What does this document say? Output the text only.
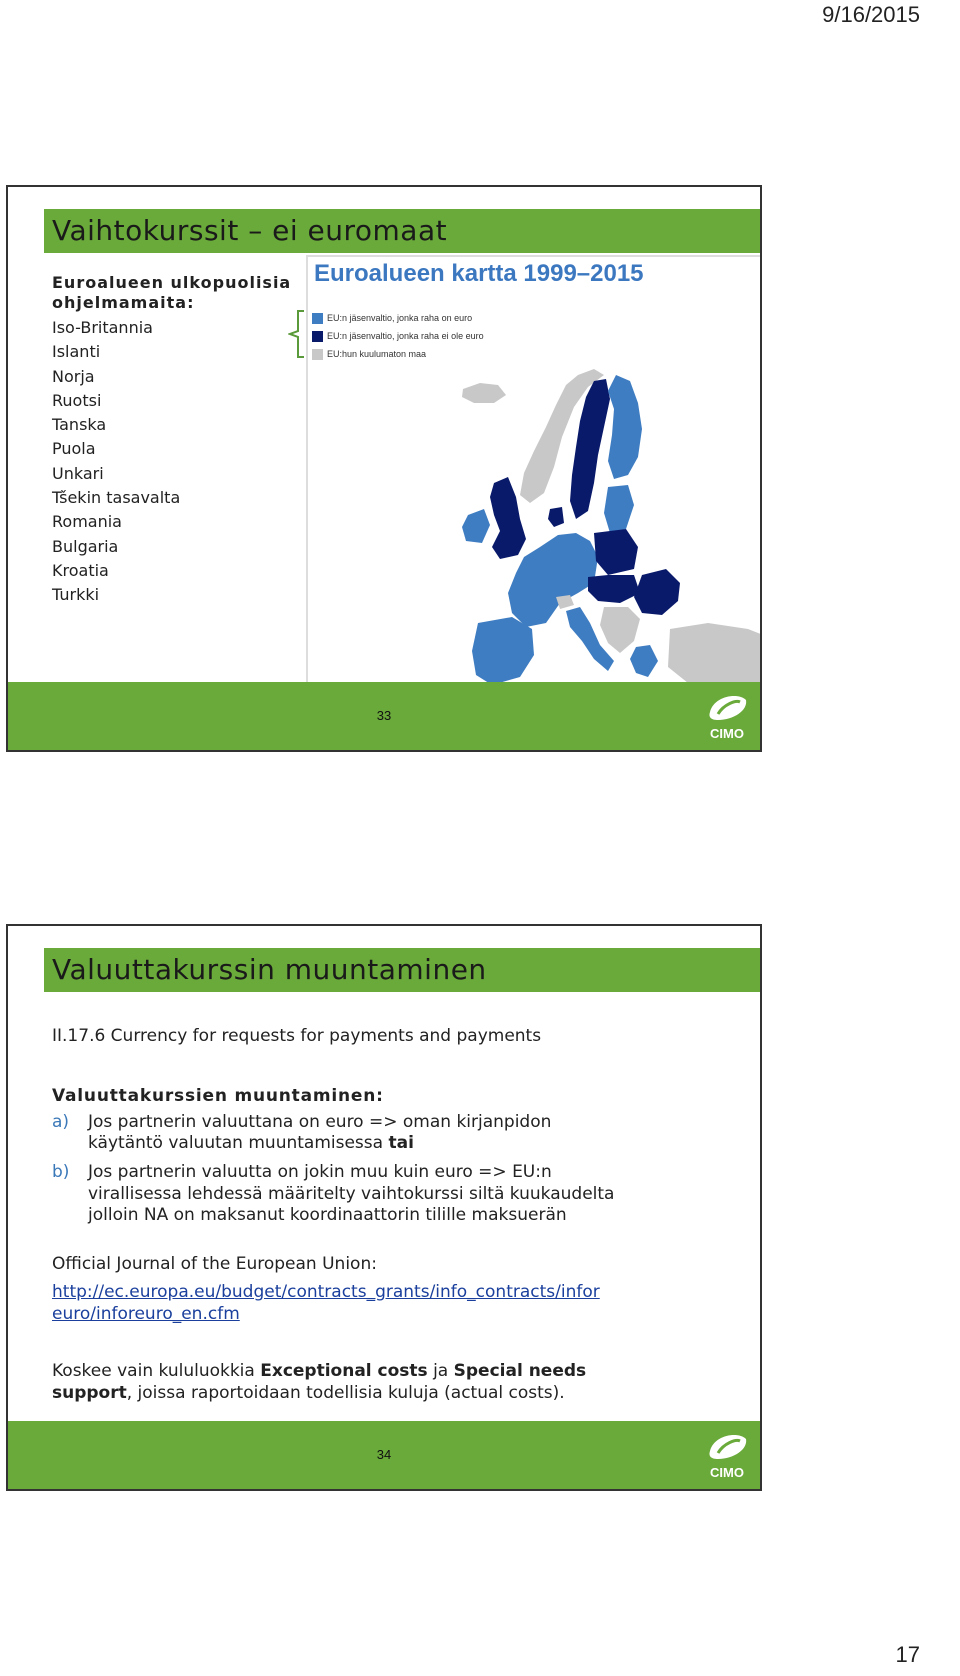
9/16/2015
Vaihtokurssit – ei euromaat
Euroalueen ulkopuolisia
ohjelmamaita:
Iso-Britannia
Islanti
Norja
Ruotsi
Tanska
Puola
Unkari
Tšekin tasavalta
Romania
Bulgaria
Kroatia
Turkki
Euroalueen kartta 1999–2015
EU:n jäsenvaltio, jonka raha on euro
EU:n jäsenvaltio, jonka raha ei ole euro
EU:hun kuulumaton maa
33
CIMO
Valuuttakurssin muuntaminen
II.17.6 Currency for requests for payments and payments
Valuuttakurssien muuntaminen:
a) Jos partnerin valuuttana on euro => oman kirjanpidon
käytäntö valuutan muuntamisessa tai
b) Jos partnerin valuutta on jokin muu kuin euro => EU:n
virallisessa lehdessä määritelty vaihtokurssi siltä kuukaudelta
jolloin NA on maksanut koordinaattorin tilille maksuerän
Official Journal of the European Union:
http://ec.europa.eu/budget/contracts_grants/info_contracts/infor
euro/inforeuro_en.cfm
Koskee vain kululuokkia Exceptional costs ja Special needs
support, joissa raportoidaan todellisia kuluja (actual costs).
34
CIMO
17
